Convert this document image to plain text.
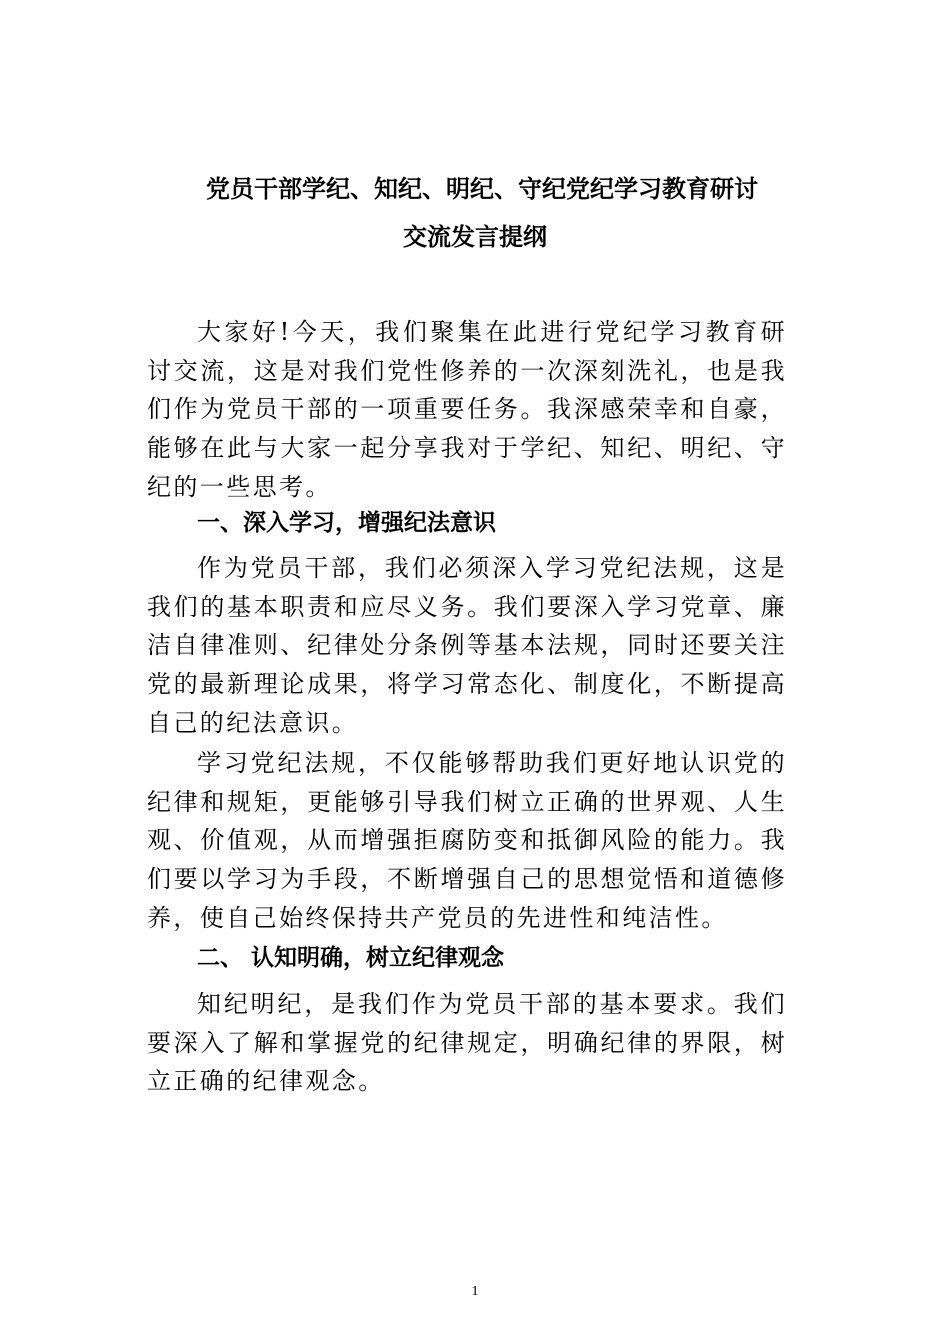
党员干部学纪、知纪、明纪、守纪党纪学习教育研讨
交流发言提纲
大家好!今天，我们聚集在此进行党纪学习教育研讨交流，这是对我们党性修养的一次深刻洗礼，也是我们作为党员干部的一项重要任务。我深感荣幸和自豪，能够在此与大家一起分享我对于学纪、知纪、明纪、守纪的一些思考。
一、深入学习，增强纪法意识
作为党员干部，我们必须深入学习党纪法规，这是我们的基本职责和应尽义务。我们要深入学习党章、廉洁自律准则、纪律处分条例等基本法规，同时还要关注党的最新理论成果，将学习常态化、制度化，不断提高自己的纪法意识。
学习党纪法规，不仅能够帮助我们更好地认识党的纪律和规矩，更能够引导我们树立正确的世界观、人生观、价值观，从而增强拒腐防变和抵御风险的能力。我们要以学习为手段，不断增强自己的思想觉悟和道德修养，使自己始终保持共产党员的先进性和纯洁性。
二、 认知明确，树立纪律观念
知纪明纪，是我们作为党员干部的基本要求。我们要深入了解和掌握党的纪律规定，明确纪律的界限，树立正确的纪律观念。
1
